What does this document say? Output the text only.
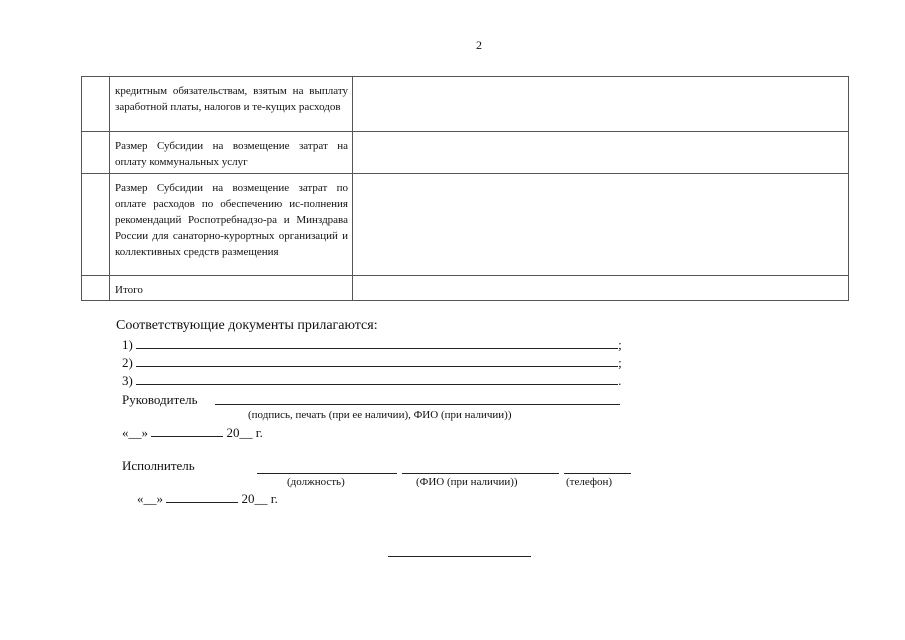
2
	кредитным обязательствам, взятым на выплату заработной платы, налогов и те-кущих расходов	
	Размер Субсидии на возмещение затрат на оплату коммунальных услуг	
	Размер Субсидии на возмещение затрат по оплате расходов по обеспечению ис-полнения рекомендаций Роспотребнадзо-ра и Минздрава России для санаторно-курортных организаций и коллективных средств размещения	
	Итого	
Соответствующие документы прилагаются:
1)	;
2)	;
3)	.
Руководитель
(подпись, печать (при ее наличии), ФИО (при наличии))
«__»	20__ г.
Исполнитель
(должность)	(ФИО (при наличии))	(телефон)
«__»	20__ г.
